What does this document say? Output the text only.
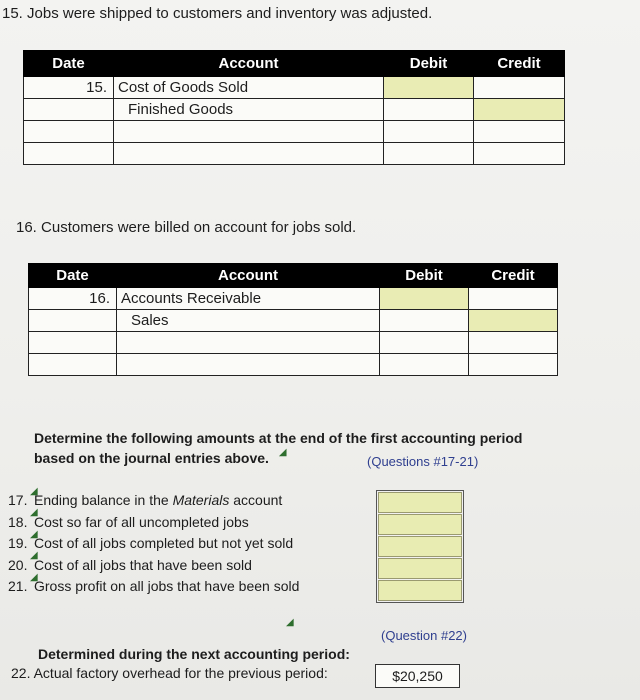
15. Jobs were shipped to customers and inventory was adjusted.
Date	Account	Debit	Credit
15.	Cost of Goods Sold		
	Finished Goods		

16. Customers were billed on account for jobs sold.
Date	Account	Debit	Credit
16.	Accounts Receivable		
	Sales		

Determine the following amounts at the end of the first accounting period
based on the journal entries above. ◢
(Questions #17-21)
17. Ending balance in the Materials account
18. Cost so far of all uncompleted jobs
19. Cost of all jobs completed but not yet sold
20. Cost of all jobs that have been sold
21. Gross profit on all jobs that have been sold
◢
◢
◢
◢
◢
◢
(Question #22)
Determined during the next accounting period:
22. Actual factory overhead for the previous period:	$20,250
